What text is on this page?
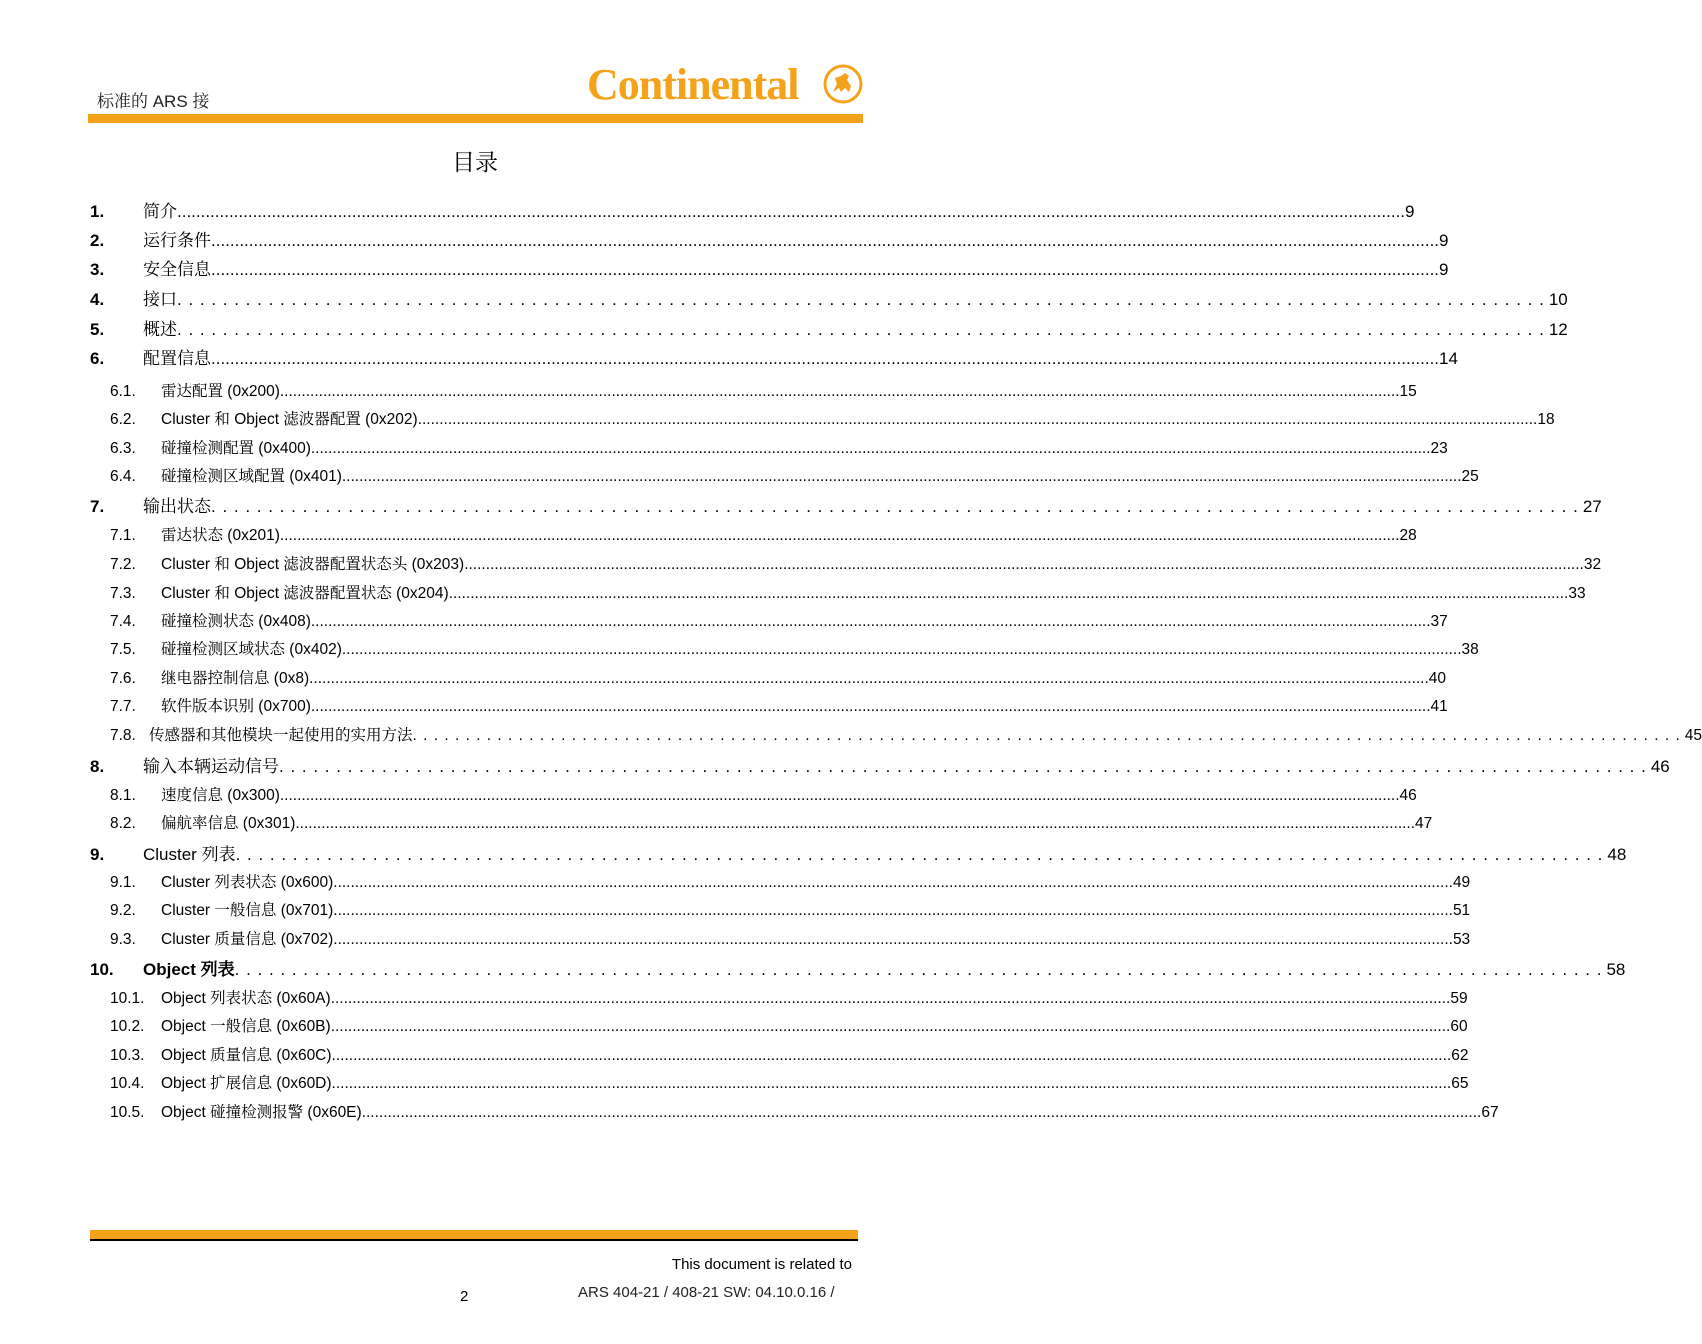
标准的 ARS 接	Continental
目录
1.	简介 .................................................................................................................................................................................................................................................................... 9
2.	运行条件 .................................................................................................................................................................................................................................................................... 9
3.	安全信息 .................................................................................................................................................................................................................................................................... 9
4.	接口 . . . . . . . . . . . . . . . . . . . . . . . . . . . . . . . . . . . . . . . . . . . . . . . . . . . . . . . . . . . . . . . . . . . . . . . . . . . . . . . . . . . . . . . . . . . . . . . . . . . . . . . . . . . . . . . . . . . . . . . . 10
5.	概述 . . . . . . . . . . . . . . . . . . . . . . . . . . . . . . . . . . . . . . . . . . . . . . . . . . . . . . . . . . . . . . . . . . . . . . . . . . . . . . . . . . . . . . . . . . . . . . . . . . . . . . . . . . . . . . . . . . . . . . . . 12
6.	配置信息 .................................................................................................................................................................................................................................................................... 14
6.1.	雷达配置 (0x200) .................................................................................................................................................................................................................................................................... 15
6.2.	Cluster 和 Object 滤波器配置 (0x202) .................................................................................................................................................................................................................................................................... 18
6.3.	碰撞检测配置 (0x400) .................................................................................................................................................................................................................................................................... 23
6.4.	碰撞检测区域配置 (0x401) .................................................................................................................................................................................................................................................................... 25
7.	输出状态 . . . . . . . . . . . . . . . . . . . . . . . . . . . . . . . . . . . . . . . . . . . . . . . . . . . . . . . . . . . . . . . . . . . . . . . . . . . . . . . . . . . . . . . . . . . . . . . . . . . . . . . . . . . . . . . . . . . . . . . . 27
7.1.	雷达状态 (0x201) .................................................................................................................................................................................................................................................................... 28
7.2.	Cluster 和 Object 滤波器配置状态头 (0x203) .................................................................................................................................................................................................................................................................... 32
7.3.	Cluster 和 Object 滤波器配置状态 (0x204) .................................................................................................................................................................................................................................................................... 33
7.4.	碰撞检测状态 (0x408) .................................................................................................................................................................................................................................................................... 37
7.5.	碰撞检测区域状态 (0x402) .................................................................................................................................................................................................................................................................... 38
7.6.	继电器控制信息 (0x8) .................................................................................................................................................................................................................................................................... 40
7.7.	软件版本识别 (0x700) .................................................................................................................................................................................................................................................................... 41
7.8. 传感器和其他模块一起使用的实用方法 . . . . . . . . . . . . . . . . . . . . . . . . . . . . . . . . . . . . . . . . . . . . . . . . . . . . . . . . . . . . . . . . . . . . . . . . . . . . . . . . . . . . . . . . . . . . . . . . . . . . . . . . . . . . . . . . . . . . . . . . 45
8.	输入本辆运动信号 . . . . . . . . . . . . . . . . . . . . . . . . . . . . . . . . . . . . . . . . . . . . . . . . . . . . . . . . . . . . . . . . . . . . . . . . . . . . . . . . . . . . . . . . . . . . . . . . . . . . . . . . . . . . . . . . . . . . . . . . 46
8.1.	速度信息 (0x300) .................................................................................................................................................................................................................................................................... 46
8.2.	偏航率信息 (0x301) .................................................................................................................................................................................................................................................................... 47
9.	Cluster 列表 . . . . . . . . . . . . . . . . . . . . . . . . . . . . . . . . . . . . . . . . . . . . . . . . . . . . . . . . . . . . . . . . . . . . . . . . . . . . . . . . . . . . . . . . . . . . . . . . . . . . . . . . . . . . . . . . . . . . . . . . 48
9.1.	Cluster 列表状态 (0x600) .................................................................................................................................................................................................................................................................... 49
9.2.	Cluster 一般信息 (0x701) .................................................................................................................................................................................................................................................................... 51
9.3.	Cluster 质量信息 (0x702) .................................................................................................................................................................................................................................................................... 53
10.	Object 列表 . . . . . . . . . . . . . . . . . . . . . . . . . . . . . . . . . . . . . . . . . . . . . . . . . . . . . . . . . . . . . . . . . . . . . . . . . . . . . . . . . . . . . . . . . . . . . . . . . . . . . . . . . . . . . . . . . . . . . . . . 58
10.1.	Object 列表状态 (0x60A) .................................................................................................................................................................................................................................................................... 59
10.2.	Object 一般信息 (0x60B) .................................................................................................................................................................................................................................................................... 60
10.3.	Object 质量信息 (0x60C) .................................................................................................................................................................................................................................................................... 62
10.4.	Object 扩展信息 (0x60D) .................................................................................................................................................................................................................................................................... 65
10.5.	Object 碰撞检测报警 (0x60E) .................................................................................................................................................................................................................................................................... 67
This document is related to
ARS 404-21 / 408-21 SW: 04.10.0.16 /
2
